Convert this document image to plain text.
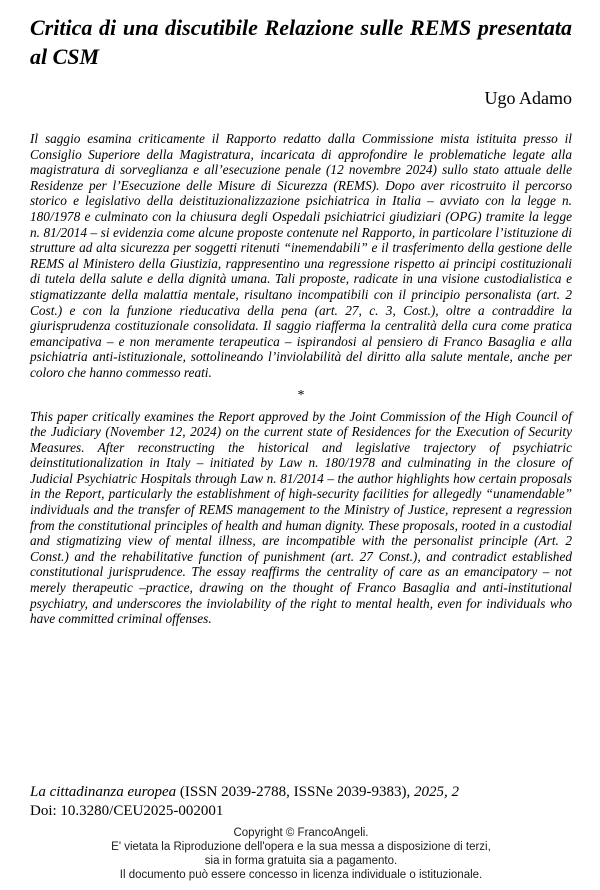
Critica di una discutibile Relazione sulle REMS presentata al CSM
Ugo Adamo

Il saggio esamina criticamente il Rapporto redatto dalla Commissione mista istituita presso il Consiglio Superiore della Magistratura, incaricata di approfondire le problematiche legate alla magistratura di sorveglianza e all’esecuzione penale (12 novembre 2024) sullo stato attuale delle Residenze per l’Esecuzione delle Misure di Sicurezza (REMS). Dopo aver ricostruito il percorso storico e legislativo della deistituzionalizzazione psichiatrica in Italia – avviato con la legge n. 180/1978 e culminato con la chiusura degli Ospedali psichiatrici giudiziari (OPG) tramite la legge n. 81/2014 – si evidenzia come alcune proposte contenute nel Rapporto, in particolare l’istituzione di strutture ad alta sicurezza per soggetti ritenuti “inemendabili” e il trasferimento della gestione delle REMS al Ministero della Giustizia, rappresentino una regressione rispetto ai principi costituzionali di tutela della salute e della dignità umana. Tali proposte, radicate in una visione custodialistica e stigmatizzante della malattia mentale, risultano incompatibili con il principio personalista (art. 2 Cost.) e con la funzione rieducativa della pena (art. 27, c. 3, Cost.), oltre a contraddire la giurisprudenza costituzionale consolidata. Il saggio riafferma la centralità della cura come pratica emancipativa – e non meramente terapeutica – ispirandosi al pensiero di Franco Basaglia e alla psichiatria anti-istituzionale, sottolineando l’inviolabilità del diritto alla salute mentale, anche per coloro che hanno commesso reati.

*

This paper critically examines the Report approved by the Joint Commission of the High Council of the Judiciary (November 12, 2024) on the current state of Residences for the Execution of Security Measures. After reconstructing the historical and legislative trajectory of psychiatric deinstitutionalization in Italy – initiated by Law n. 180/1978 and culminating in the closure of Judicial Psychiatric Hospitals through Law n. 81/2014 – the author highlights how certain proposals in the Report, particularly the establishment of high-security facilities for allegedly “unamendable” individuals and the transfer of REMS management to the Ministry of Justice, represent a regression from the constitutional principles of health and human dignity. These proposals, rooted in a custodial and stigmatizing view of mental illness, are incompatible with the personalist principle (Art. 2 Const.) and the rehabilitative function of punishment (art. 27 Const.), and contradict established constitutional jurisprudence. The essay reaffirms the centrality of care as an emancipatory – not merely therapeutic –practice, drawing on the thought of Franco Basaglia and anti-institutional psychiatry, and underscores the inviolability of the right to mental health, even for individuals who have committed criminal offenses.

La cittadinanza europea (ISSN 2039-2788, ISSNe 2039-9383), 2025, 2
Doi: 10.3280/CEU2025-002001
Copyright © FrancoAngeli.
E' vietata la Riproduzione dell'opera e la sua messa a disposizione di terzi,
sia in forma gratuita sia a pagamento.
Il documento può essere concesso in licenza individuale o istituzionale.
